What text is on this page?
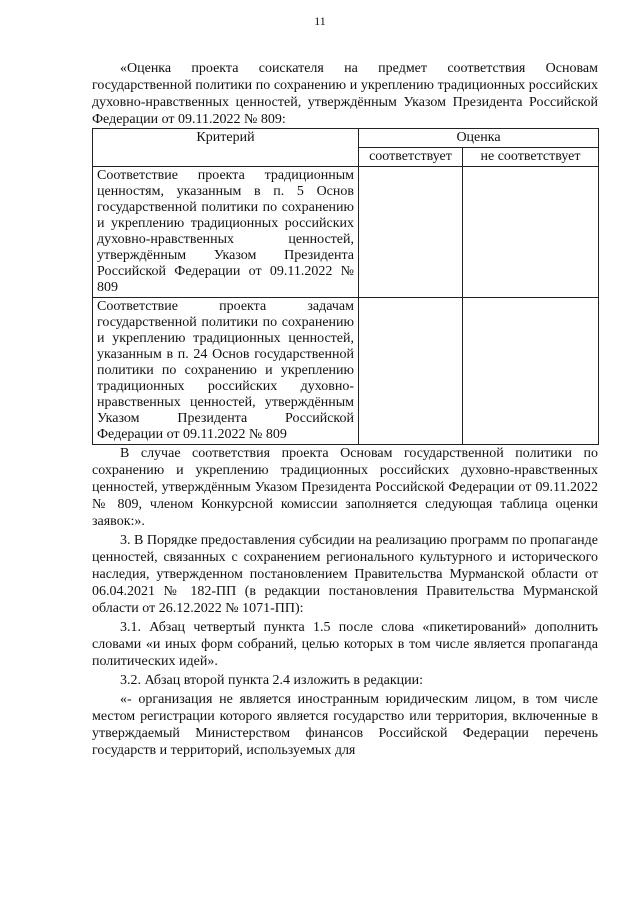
11

«Оценка проекта соискателя на предмет соответствия Основам государственной политики по сохранению и укреплению традиционных российских духовно-нравственных ценностей, утверждённым Указом Президента Российской Федерации от 09.11.2022 № 809:

Критерий	Оценка	
	соответствует	не соответствует
Соответствие проекта традиционным ценностям, указанным в п. 5 Основ государственной политики по сохранению и укреплению традиционных российских духовно-нравственных ценностей, утверждённым Указом Президента Российской Федерации от 09.11.2022 № 809		
Соответствие проекта задачам государственной политики по сохранению и укреплению традиционных ценностей, указанным в п. 24 Основ государственной политики по сохранению и укреплению традиционных российских духовно-нравственных ценностей, утверждённым Указом Президента Российской Федерации от 09.11.2022 № 809		

В случае соответствия проекта Основам государственной политики по сохранению и укреплению традиционных российских духовно-нравственных ценностей, утверждённым Указом Президента Российской Федерации от 09.11.2022 № 809, членом Конкурсной комиссии заполняется следующая таблица оценки заявок:».

3. В Порядке предоставления субсидии на реализацию программ по пропаганде ценностей, связанных с сохранением регионального культурного и исторического наследия, утвержденном постановлением Правительства Мурманской области от 06.04.2021 № 182-ПП (в редакции постановления Правительства Мурманской области от 26.12.2022 № 1071-ПП):

3.1. Абзац четвертый пункта 1.5 после слова «пикетирований» дополнить словами «и иных форм собраний, целью которых в том числе является пропаганда политических идей».

3.2. Абзац второй пункта 2.4 изложить в редакции:

«- организация не является иностранным юридическим лицом, в том числе местом регистрации которого является государство или территория, включенные в утверждаемый Министерством финансов Российской Федерации перечень государств и территорий, используемых для
